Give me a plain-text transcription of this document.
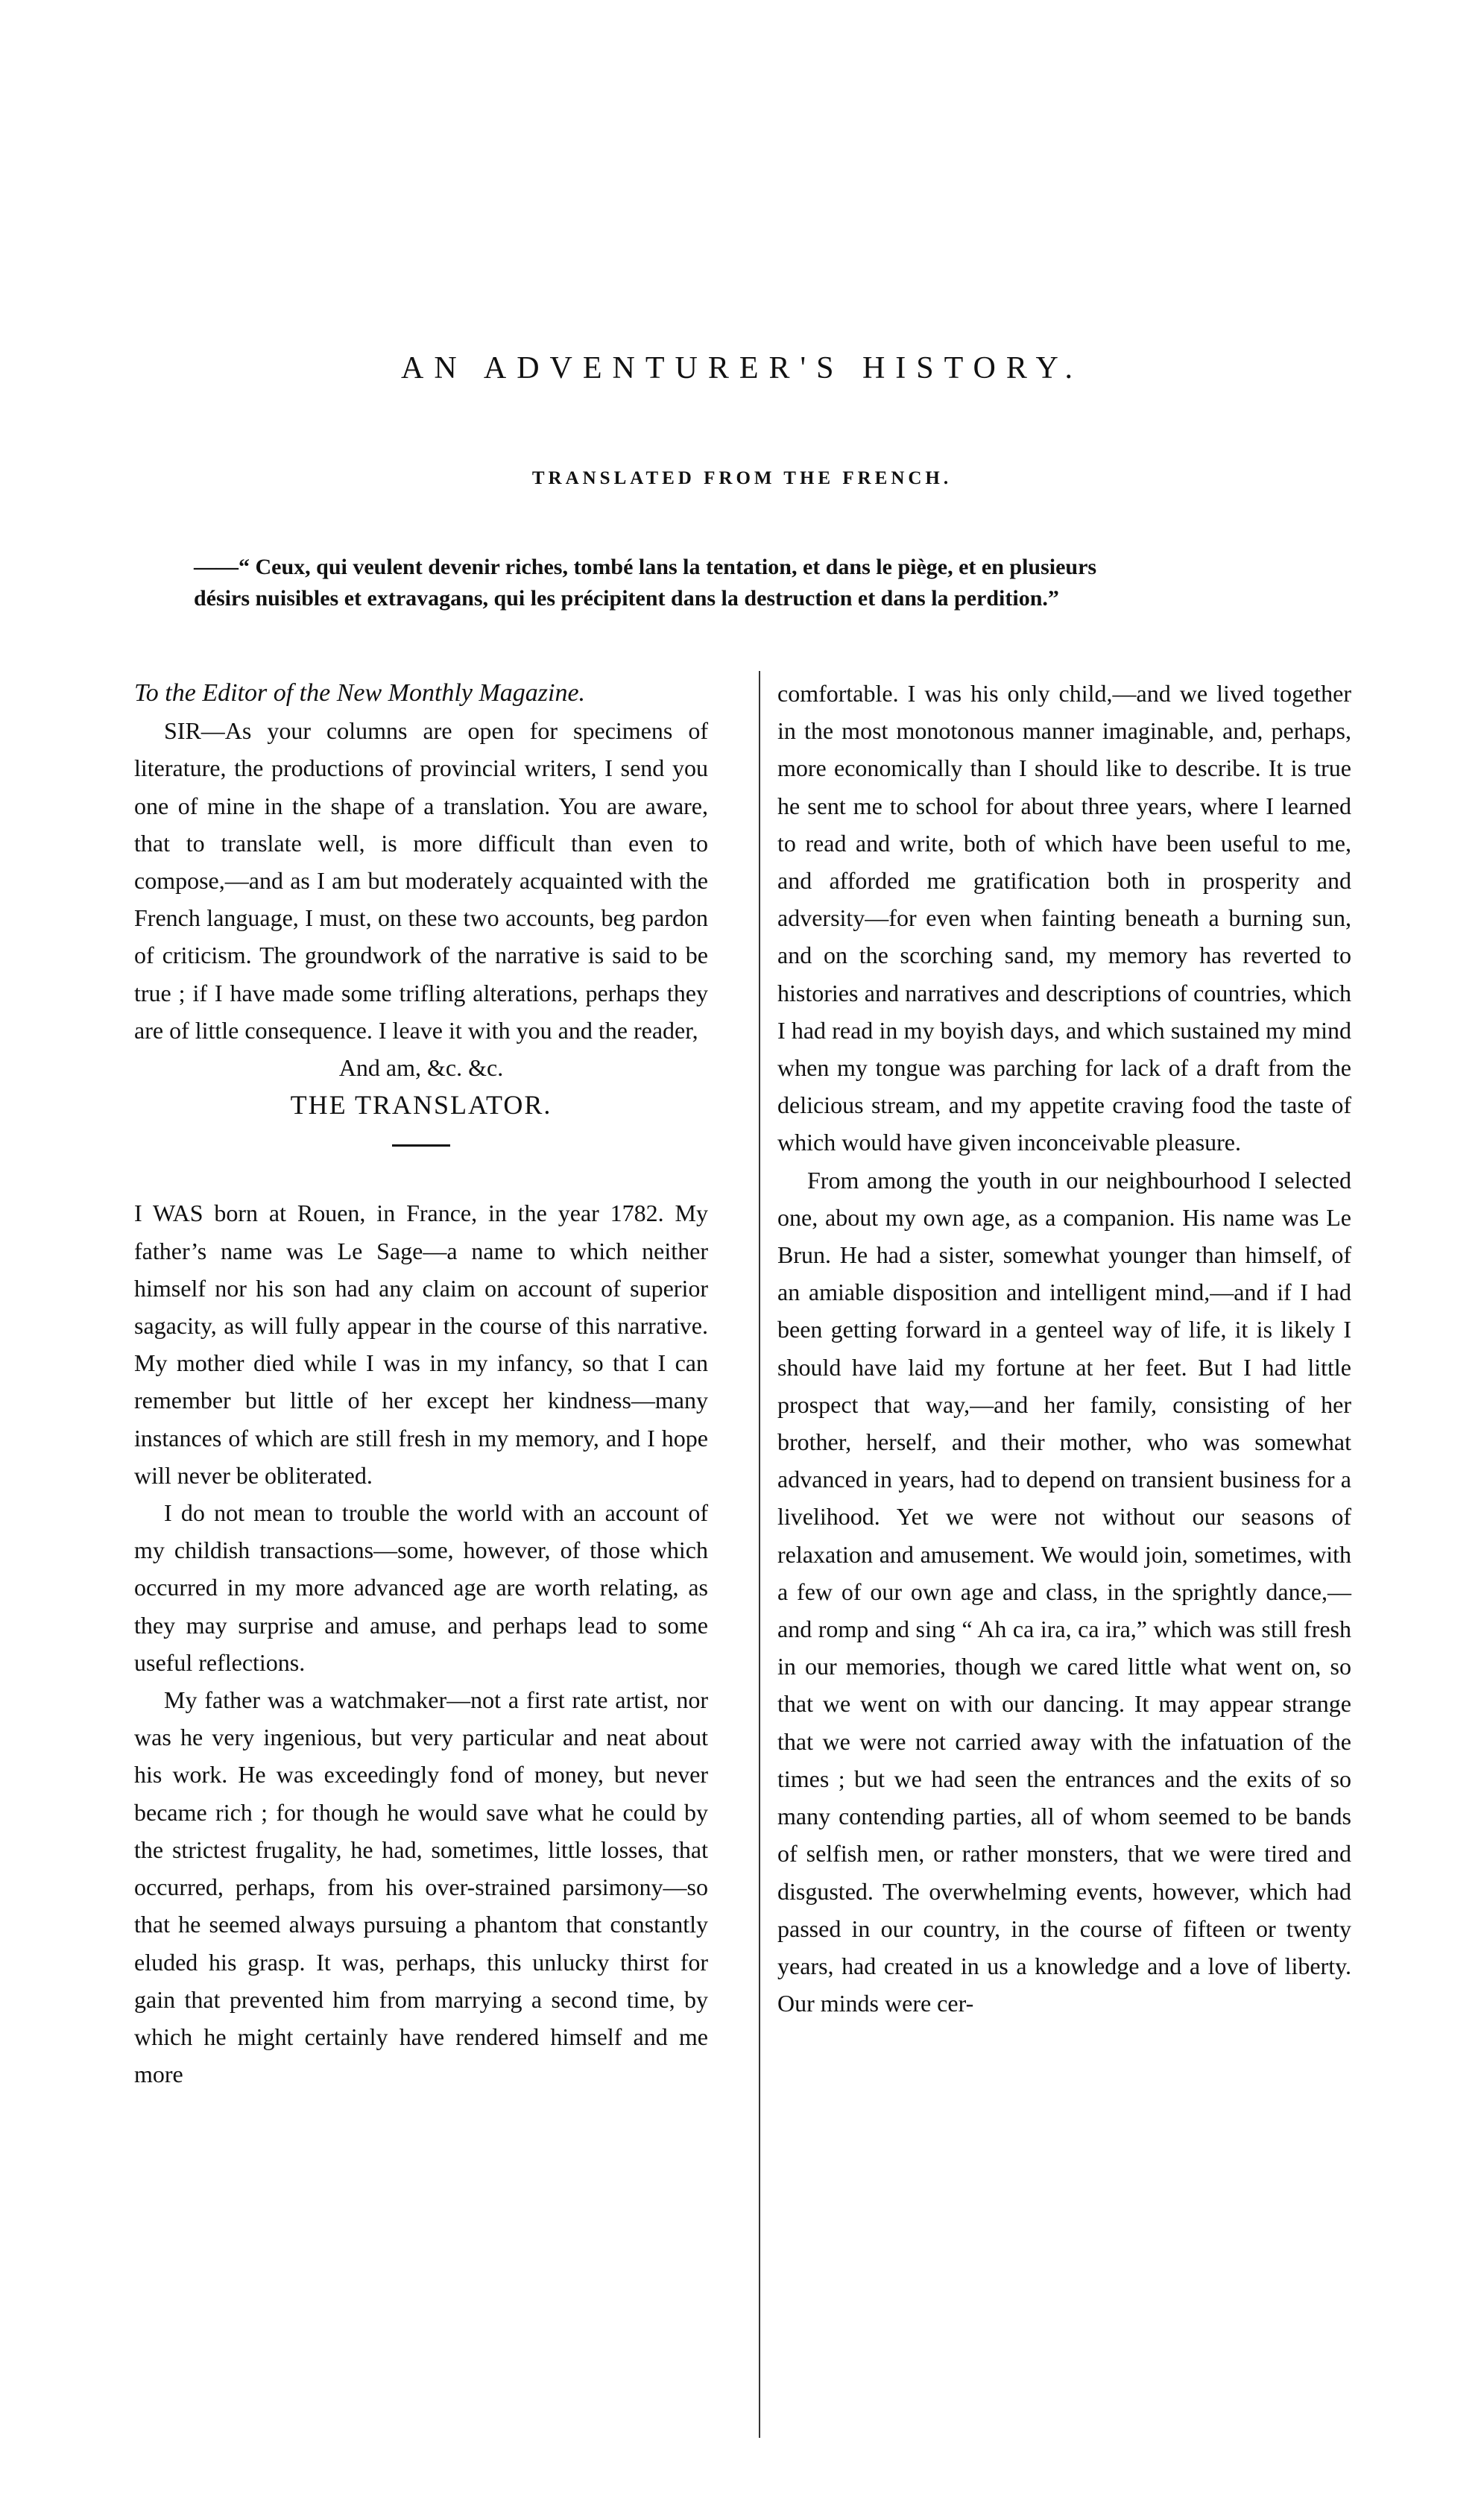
AN ADVENTURER'S HISTORY.
TRANSLATED FROM THE FRENCH.
——“ Ceux, qui veulent devenir riches, tombé lans la tentation, et dans le piège, et en plusieurs
désirs nuisibles et extravagans, qui les précipitent dans la destruction et dans la perdition.”

To the Editor of the New Monthly Magazine.

SIR—As your columns are open for specimens of literature, the productions of provincial writers, I send you one of mine in the shape of a translation. You are aware, that to translate well, is more difficult than even to compose,—and as I am but moderately acquainted with the French language, I must, on these two accounts, beg pardon of criticism. The groundwork of the narrative is said to be true ; if I have made some trifling alterations, perhaps they are of little consequence. I leave it with you and the reader,

And am, &c. &c.

THE TRANSLATOR.

I WAS born at Rouen, in France, in the year 1782. My father’s name was Le Sage—a name to which neither himself nor his son had any claim on account of superior sagacity, as will fully appear in the course of this narrative. My mother died while I was in my infancy, so that I can remember but little of her except her kindness—many instances of which are still fresh in my memory, and I hope will never be obliterated.

I do not mean to trouble the world with an account of my childish transactions—some, however, of those which occurred in my more advanced age are worth relating, as they may surprise and amuse, and perhaps lead to some useful reflections.

My father was a watchmaker—not a first rate artist, nor was he very ingenious, but very particular and neat about his work. He was exceedingly fond of money, but never became rich ; for though he would save what he could by the strictest frugality, he had, sometimes, little losses, that occurred, perhaps, from his over-strained parsimony—so that he seemed always pursuing a phantom that constantly eluded his grasp. It was, perhaps, this unlucky thirst for gain that prevented him from marrying a second time, by which he might certainly have rendered himself and me more

comfortable. I was his only child,—and we lived together in the most monotonous manner imaginable, and, perhaps, more economically than I should like to describe. It is true he sent me to school for about three years, where I learned to read and write, both of which have been useful to me, and afforded me gratification both in prosperity and adversity—for even when fainting beneath a burning sun, and on the scorching sand, my memory has reverted to histories and narratives and descriptions of countries, which I had read in my boyish days, and which sustained my mind when my tongue was parching for lack of a draft from the delicious stream, and my appetite craving food the taste of which would have given inconceivable pleasure.

From among the youth in our neighbourhood I selected one, about my own age, as a companion. His name was Le Brun. He had a sister, somewhat younger than himself, of an amiable disposition and intelligent mind,—and if I had been getting forward in a genteel way of life, it is likely I should have laid my fortune at her feet. But I had little prospect that way,—and her family, consisting of her brother, herself, and their mother, who was somewhat advanced in years, had to depend on transient business for a livelihood. Yet we were not without our seasons of relaxation and amusement. We would join, sometimes, with a few of our own age and class, in the sprightly dance,—and romp and sing “ Ah ca ira, ca ira,” which was still fresh in our memories, though we cared little what went on, so that we went on with our dancing. It may appear strange that we were not carried away with the infatuation of the times ; but we had seen the entrances and the exits of so many contending parties, all of whom seemed to be bands of selfish men, or rather monsters, that we were tired and disgusted. The overwhelming events, however, which had passed in our country, in the course of fifteen or twenty years, had created in us a knowledge and a love of liberty. Our minds were cer-
